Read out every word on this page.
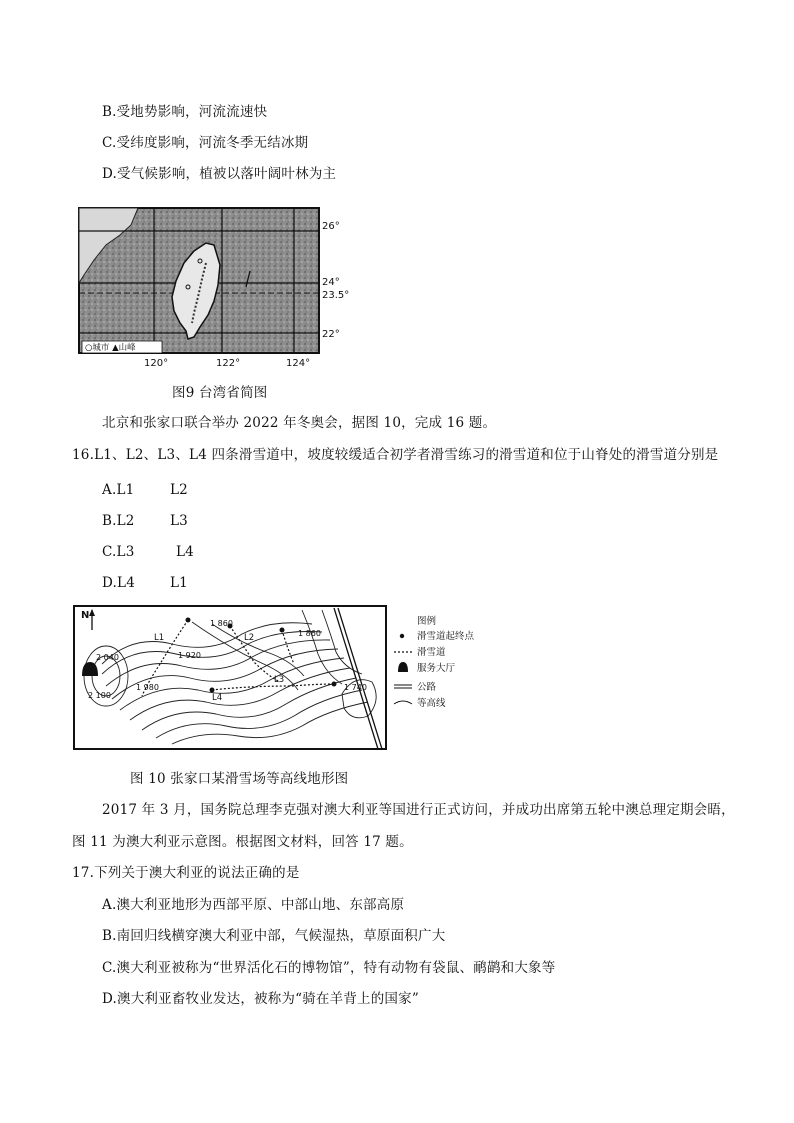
B.受地势影响，河流流速快
C.受纬度影响，河流冬季无结冰期
D.受气候影响，植被以落叶阔叶林为主
○城市 ▲山峰
26°
24°
23.5°
22°
120°	122°	124°
图9 台湾省简图
北京和张家口联合举办 2022 年冬奥会，据图 10，完成 16 题。
16.L1、L2、L3、L4 四条滑雪道中，坡度较缓适合初学者滑雪练习的滑雪道和位于山脊处的滑雪道分别是
A.L1	L2
B.L2	L3
C.L3	L4
D.L4	L1
N
1 860
1 860
1 920
1 980
2 040
2 100
1 740
L1	L2
L3
L4
图例
滑雪道起终点
滑雪道
服务大厅
公路
等高线
图 10 张家口某滑雪场等高线地形图
2017 年 3 月，国务院总理李克强对澳大利亚等国进行正式访问，并成功出席第五轮中澳总理定期会晤，
图 11 为澳大利亚示意图。根据图文材料，回答 17 题。
17.下列关于澳大利亚的说法正确的是
A.澳大利亚地形为西部平原、中部山地、东部高原
B.南回归线横穿澳大利亚中部，气候湿热，草原面积广大
C.澳大利亚被称为“世界活化石的博物馆”，特有动物有袋鼠、鸸鹋和大象等
D.澳大利亚畜牧业发达，被称为“骑在羊背上的国家”
